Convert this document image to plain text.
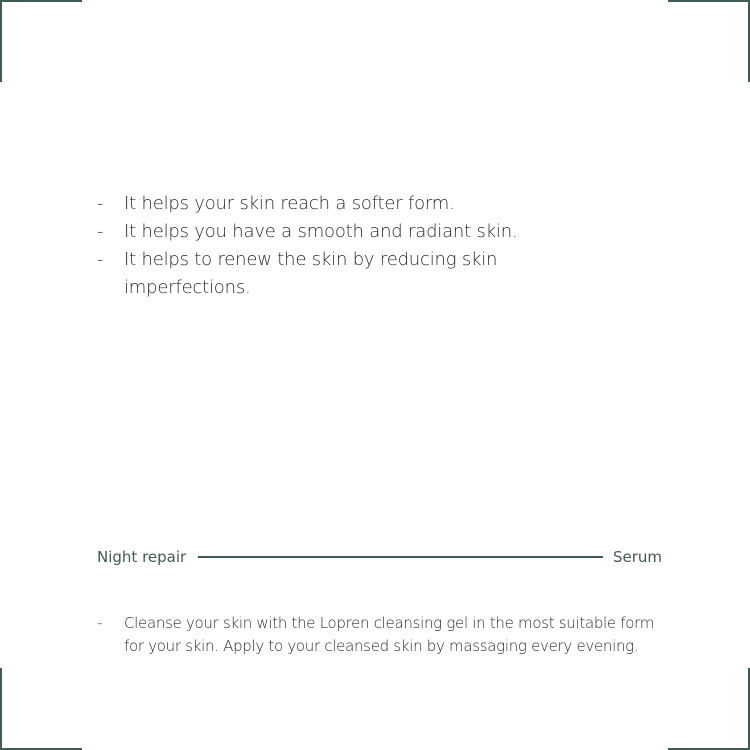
-	It helps your skin reach a softer form.
-	It helps you have a smooth and radiant skin.
-	It helps to renew the skin by reducing skin imperfections.
Night repair	Serum
-	Cleanse your skin with the Lopren cleansing gel in the most suitable form for your skin. Apply to your cleansed skin by massaging every evening.
